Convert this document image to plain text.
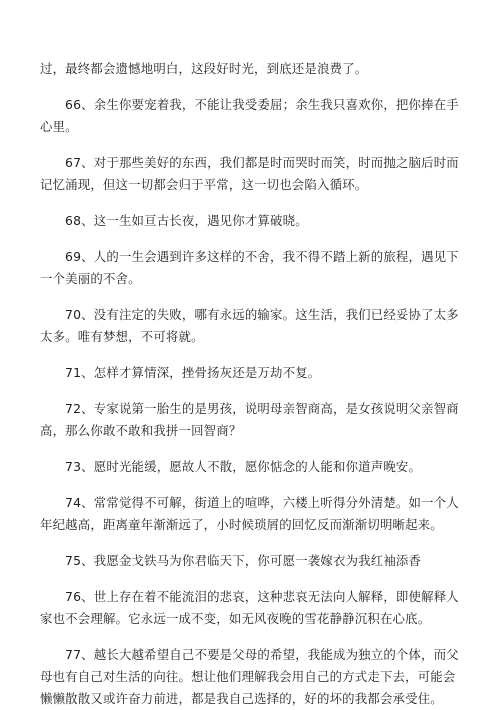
过，最终都会遗憾地明白，这段好时光，到底还是浪费了。

66、余生你要宠着我，不能让我受委屈；余生我只喜欢你，把你捧在手心里。

67、对于那些美好的东西，我们都是时而哭时而笑，时而抛之脑后时而记忆涌现，但这一切都会归于平常，这一切也会陷入循环。

68、这一生如亘古长夜，遇见你才算破晓。

69、人的一生会遇到许多这样的不舍，我不得不踏上新的旅程，遇见下一个美丽的不舍。

70、没有注定的失败，哪有永远的输家。这生活，我们已经妥协了太多太多。唯有梦想，不可将就。

71、怎样才算情深，挫骨扬灰还是万劫不复。

72、专家说第一胎生的是男孩，说明母亲智商高，是女孩说明父亲智商高，那么你敢不敢和我拼一回智商？

73、愿时光能缓，愿故人不散，愿你惦念的人能和你道声晚安。

74、常常觉得不可解，街道上的喧哗，六楼上听得分外清楚。如一个人年纪越高，距离童年渐渐远了，小时候琐屑的回忆反而渐渐切明晰起来。

75、我愿金戈铁马为你君临天下，你可愿一袭嫁衣为我红袖添香

76、世上存在着不能流泪的悲哀，这种悲哀无法向人解释，即使解释人家也不会理解。它永远一成不变，如无风夜晚的雪花静静沉积在心底。

77、越长大越希望自己不要是父母的希望，我能成为独立的个体，而父母也有自己对生活的向往。想让他们理解我会用自己的方式走下去，可能会懒懒散散又或许奋力前进，都是我自己选择的，好的坏的我都会承受住。
